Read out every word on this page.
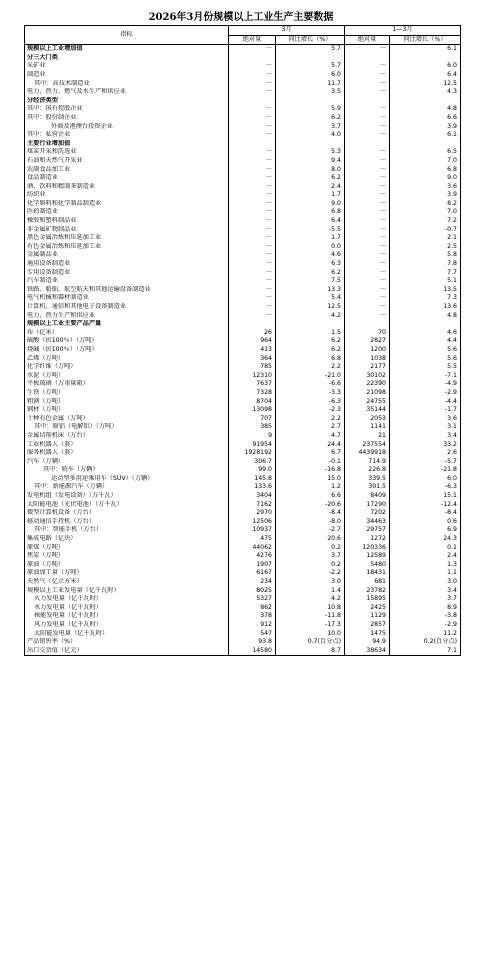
2026年3月份规模以上工业生产主要数据
指标	3月		1—3月	
	绝对量	同比增长（%）	绝对量	同比增长（%）
规模以上工业增加值	···	5.7	···	6.1
分三大门类				
采矿业	···	5.7	···	6.0
制造业	···	6.0	···	6.4
其中：高技术制造业	···	11.7	···	12.5
电力、热力、燃气及水生产和供应业	···	3.5	···	4.3
分经济类型				
其中：国有控股企业	···	5.9	···	4.8
其中：股份制企业	···	6.2	···	6.6
外商及港澳台投资企业	···	3.7	···	3.9
其中：私营企业	···	4.0	···	6.1
主要行业增加值				
煤炭开采和洗选业	···	5.3	···	6.5
石油和天然气开采业	···	9.4	···	7.0
农副食品加工业	···	8.0	···	6.8
食品制造业	···	6.2	···	9.0
酒、饮料和精制茶制造业	···	2.4	···	3.6
纺织业	···	1.7	···	3.9
化学原料和化学制品制造业	···	9.0	···	8.2
医药制造业	···	6.8	···	7.0
橡胶和塑料制品业	···	6.4	···	7.2
非金属矿物制品业	···	-5.5	···	-0.7
黑色金属冶炼和压延加工业	···	1.7	···	2.1
有色金属冶炼和压延加工业	···	0.0	···	2.5
金属制品业	···	4.6	···	5.8
通用设备制造业	···	6.3	···	7.8
专用设备制造业	···	6.2	···	7.7
汽车制造业	···	7.5	···	5.1
铁路、船舶、航空航天和其他运输设备制造业	···	13.3	···	13.5
电气机械和器材制造业	···	5.4	···	7.3
计算机、通信和其他电子设备制造业	···	12.5	···	13.6
电力、热力生产和供应业	···	4.2	···	4.8
规模以上工业主要产品产量				
布（亿米）	26	1.5	70	4.6
硫酸（折100％）（万吨）	964	6.2	2827	4.4
烧碱（折100％）（万吨）	413	6.2	1200	5.6
乙烯（万吨）	364	6.8	1038	5.6
化学纤维（万吨）	785	2.2	2177	5.5
水泥（万吨）	12310	-21.0	30102	-7.1
平板玻璃（万重量箱）	7637	-6.6	22390	-4.9
生铁（万吨）	7328	-3.3	21098	-2.9
粗钢（万吨）	8704	-6.3	24755	-4.4
钢材（万吨）	13098	-2.3	35144	-1.7
十种有色金属（万吨）	707	2.2	2053	3.6
其中：原铝（电解铝）（万吨）	385	2.7	1141	3.1
金属切削机床（万台）	9	4.7	21	3.4
工业机器人（套）	91954	24.4	237554	33.2
服务机器人（套）	1928192	6.7	4439918	2.6
汽车（万辆）	306.7	-0.1	714.9	-5.7
其中：轿车（万辆）	99.0	-16.8	226.8	-21.8
运动型多用途乘用车（SUV）（万辆）	145.8	15.0	339.5	6.0
其中：新能源汽车（万辆）	133.6	1.2	301.5	-6.3
发电机组（发电设备）（万千瓦）	3404	6.6	8409	15.1
太阳能电池（光伏电池）（万千瓦）	7162	-20.6	17290	-12.4
微型计算机设备（万台）	2970	-8.4	7202	-8.4
移动通信手持机（万台）	12506	-8.0	34463	0.6
其中：智能手机（万台）	10937	-2.7	29757	6.9
集成电路（亿块）	475	20.6	1272	24.3
原煤（万吨）	44062	0.2	120336	0.1
焦炭（万吨）	4276	3.7	12589	2.4
原油（万吨）	1907	0.2	5480	1.3
原油加工量（万吨）	6167	-2.2	18431	1.1
天然气（亿立方米）	234	3.0	681	3.0
规模以上工业发电量（亿千瓦时）	8025	1.4	23782	3.4
火力发电量（亿千瓦时）	5327	4.2	15895	3.7
水力发电量（亿千瓦时）	862	10.8	2425	8.9
核能发电量（亿千瓦时）	378	-11.8	1129	-3.8
风力发电量（亿千瓦时）	912	-17.3	2857	-2.9
太阳能发电量（亿千瓦时）	547	10.0	1475	11.2
产品销售率（%）	93.8	0.7(百分点)	94.9	0.2(百分点)
出口交货值（亿元）	14580	8.7	38634	7.1
